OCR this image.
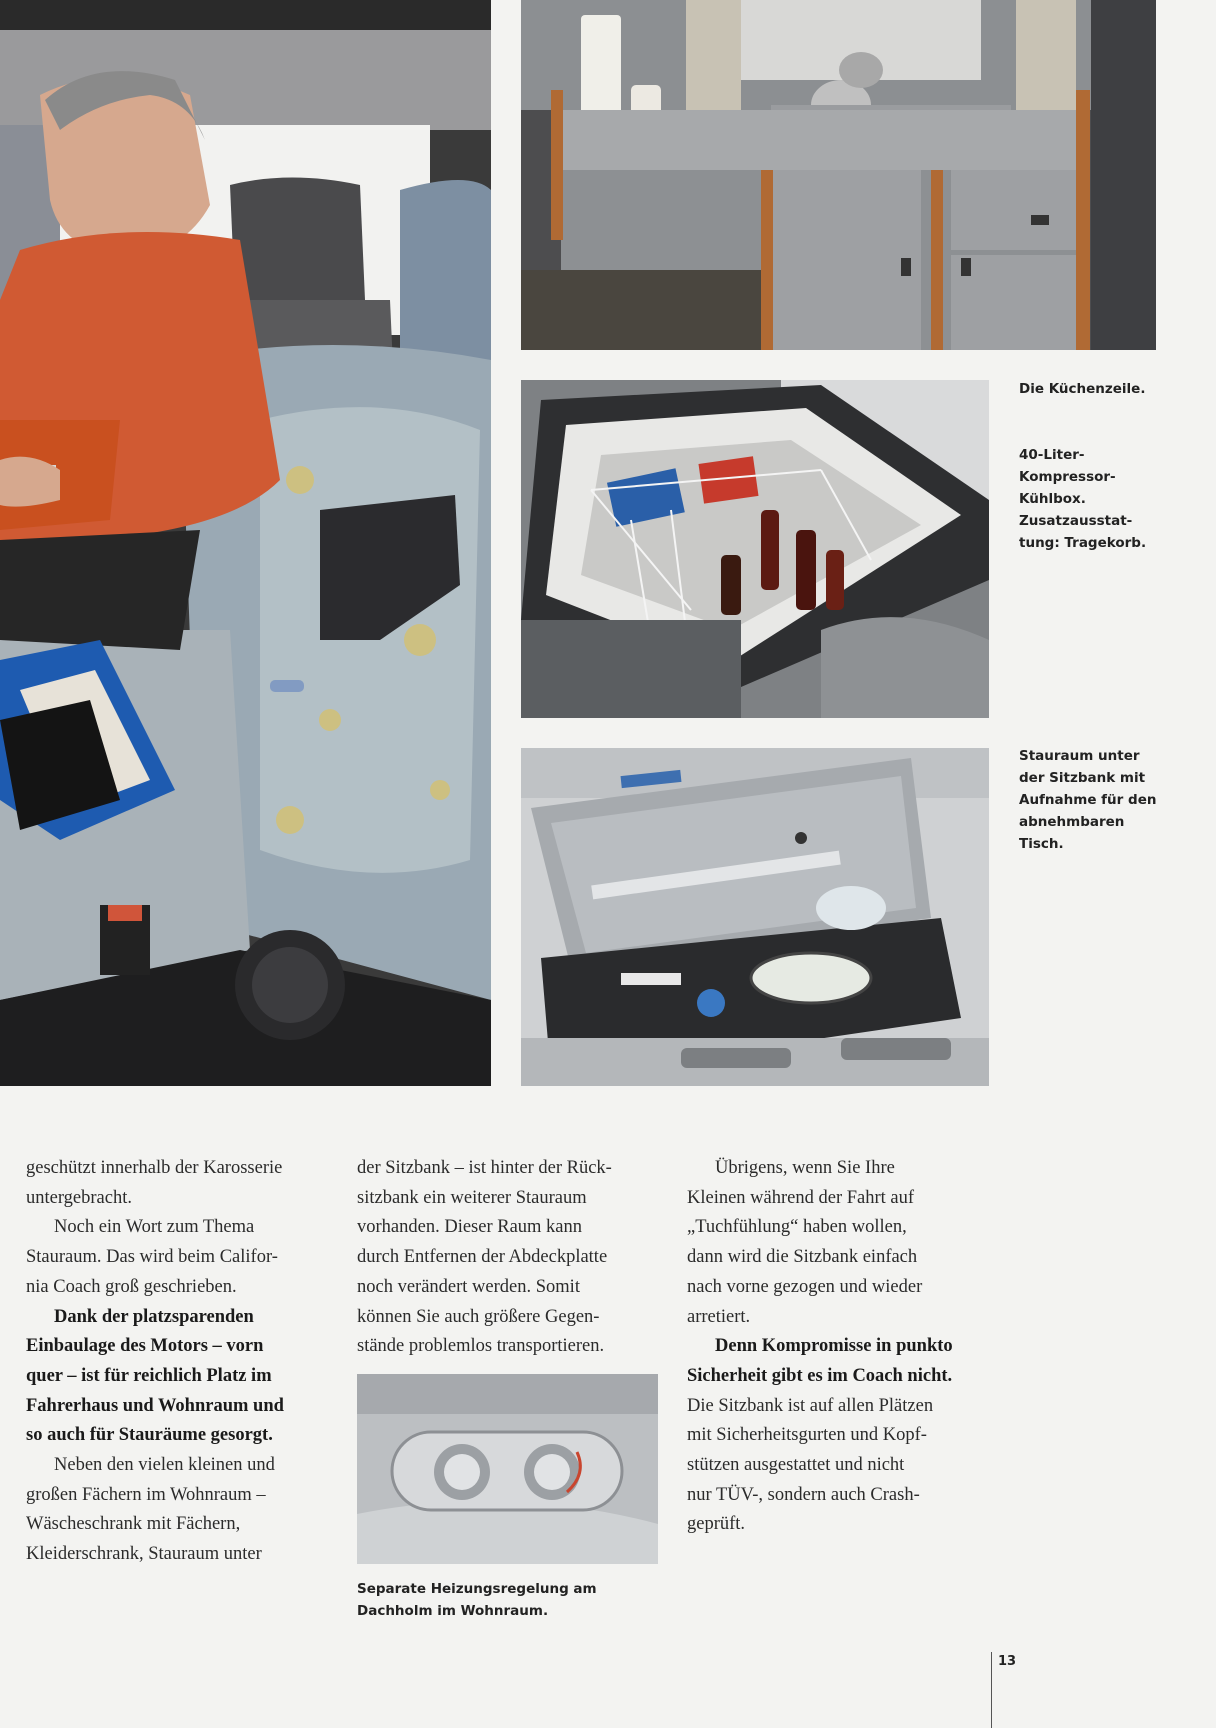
Die Küchenzeile.
40-Liter-
Kompressor-
Kühlbox.
Zusatzausstat-
tung: Tragekorb.
Stauraum unter
der Sitzbank mit
Aufnahme für den
abnehmbaren
Tisch.
Separate Heizungsregelung am
Dachholm im Wohnraum.

geschützt innerhalb der Karosserie

untergebracht.

Noch ein Wort zum Thema

Stauraum. Das wird beim Califor-

nia Coach groß geschrieben.

Dank der platzsparenden

Einbaulage des Motors – vorn

quer – ist für reichlich Platz im

Fahrerhaus und Wohnraum und

so auch für Stauräume gesorgt.

Neben den vielen kleinen und

großen Fächern im Wohnraum –

Wäscheschrank mit Fächern,

Kleiderschrank, Stauraum unter

der Sitzbank – ist hinter der Rück-

sitzbank ein weiterer Stauraum

vorhanden. Dieser Raum kann

durch Entfernen der Abdeckplatte

noch verändert werden. Somit

können Sie auch größere Gegen-

stände problemlos transportieren.

Übrigens, wenn Sie Ihre

Kleinen während der Fahrt auf

„Tuchfühlung“ haben wollen,

dann wird die Sitzbank einfach

nach vorne gezogen und wieder

arretiert.

Denn Kompromisse in punkto

Sicherheit gibt es im Coach nicht.

Die Sitzbank ist auf allen Plätzen

mit Sicherheitsgurten und Kopf-

stützen ausgestattet und nicht

nur TÜV-, sondern auch Crash-

geprüft.

13
